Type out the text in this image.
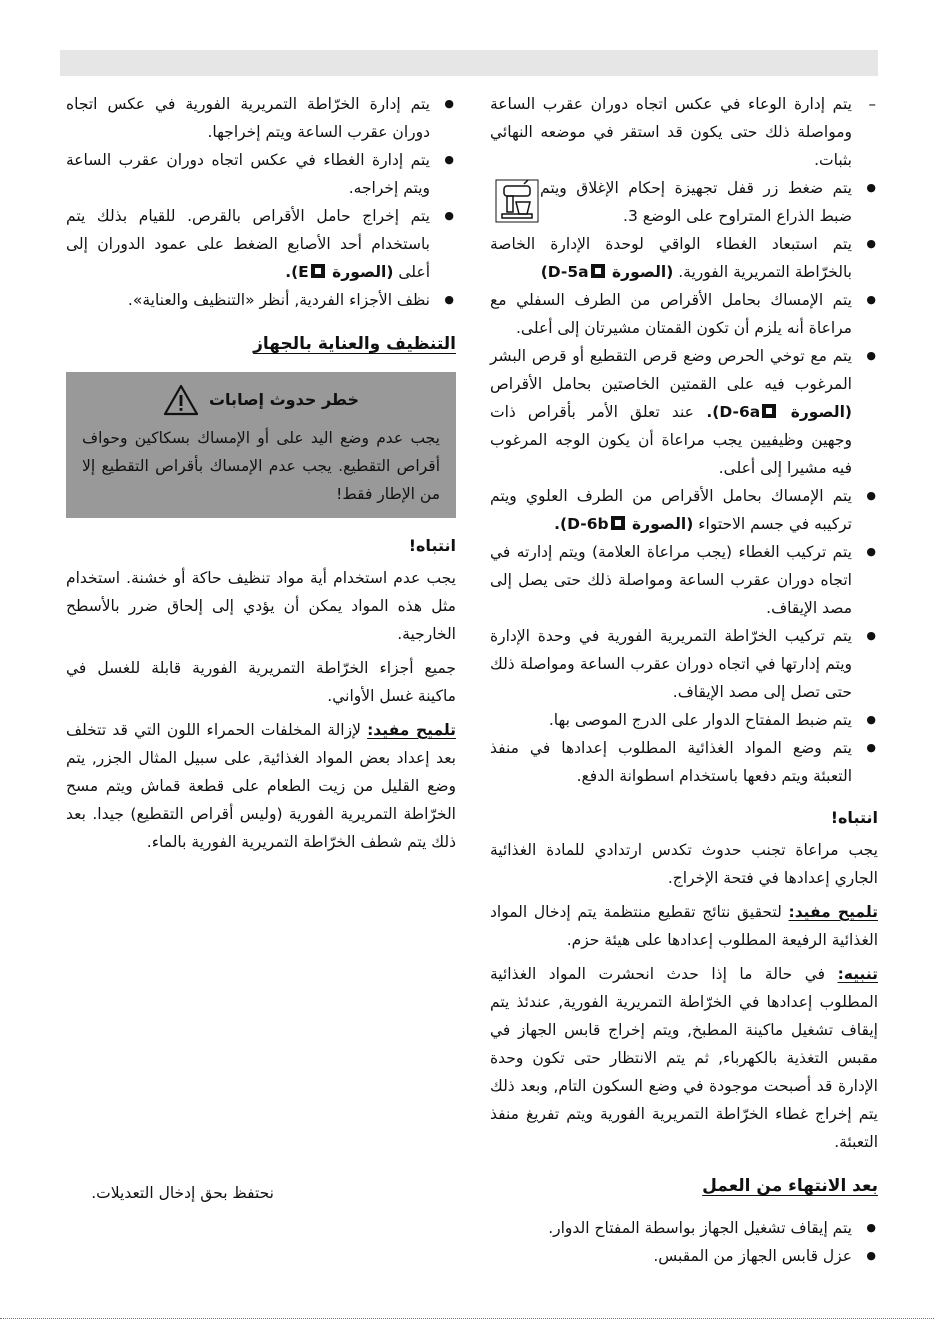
– يتم إدارة الوعاء في عكس اتجاه دوران عقرب الساعة ومواصلة ذلك حتى يكون قد استقر في موضعه النهائي بثبات.
● يتم ضغط زر قفل تجهيزة إحكام الإغلاق ويتم ضبط الذراع المتراوح على الوضع 3.
● يتم استبعاد الغطاء الواقي لوحدة الإدارة الخاصة بالخرّاطة التمريرية الفورية. (الصورة D-5a)
● يتم الإمساك بحامل الأقراص من الطرف السفلي مع مراعاة أنه يلزم أن تكون القمتان مشيرتان إلى أعلى.
● يتم مع توخي الحرص وضع قرص التقطيع أو قرص البشر المرغوب فيه على القمتين الخاصتين بحامل الأقراص (الصورة D-6a). عند تعلق الأمر بأقراص ذات وجهين وظيفيين يجب مراعاة أن يكون الوجه المرغوب فيه مشيرا إلى أعلى.
● يتم الإمساك بحامل الأقراص من الطرف العلوي ويتم تركيبه في جسم الاحتواء (الصورة D-6b).
● يتم تركيب الغطاء (يجب مراعاة العلامة) ويتم إدارته في اتجاه دوران عقرب الساعة ومواصلة ذلك حتى يصل إلى مصد الإيقاف.
● يتم تركيب الخرّاطة التمريرية الفورية في وحدة الإدارة ويتم إدارتها في اتجاه دوران عقرب الساعة ومواصلة ذلك حتى تصل إلى مصد الإيقاف.
● يتم ضبط المفتاح الدوار على الدرج الموصى بها.
● يتم وضع المواد الغذائية المطلوب إعدادها في منفذ التعبئة ويتم دفعها باستخدام اسطوانة الدفع.
انتباه!

يجب مراعاة تجنب حدوث تكدس ارتدادي للمادة الغذائية الجاري إعدادها في فتحة الإخراج.

تلميح مفيد: لتحقيق نتائج تقطيع منتظمة يتم إدخال المواد الغذائية الرفيعة المطلوب إعدادها على هيئة حزم.

تنبيه: في حالة ما إذا حدث انحشرت المواد الغذائية المطلوب إعدادها في الخرّاطة التمريرية الفورية, عندئذ يتم إيقاف تشغيل ماكينة المطبخ, ويتم إخراج قابس الجهاز في مقبس التغذية بالكهرباء, ثم يتم الانتظار حتى تكون وحدة الإدارة قد أصبحت موجودة في وضع السكون التام, وبعد ذلك يتم إخراج غطاء الخرّاطة التمريرية الفورية ويتم تفريغ منفذ التعبئة.

بعد الانتهاء من العمل
● يتم إيقاف تشغيل الجهاز بواسطة المفتاح الدوار.
● عزل قابس الجهاز من المقبس.
● يتم إدارة الخرّاطة التمريرية الفورية في عكس اتجاه دوران عقرب الساعة ويتم إخراجها.
● يتم إدارة الغطاء في عكس اتجاه دوران عقرب الساعة ويتم إخراجه.
● يتم إخراج حامل الأقراص بالقرص. للقيام بذلك يتم باستخدام أحد الأصابع الضغط على عمود الدوران إلى أعلى (الصورة E).
● نظف الأجزاء الفردية, أنظر «التنظيف والعناية».
التنظيف والعناية بالجهاز
خطر حدوث إصابات
يجب عدم وضع اليد على أو الإمساك بسكاكين وحواف أقراص التقطيع. يجب عدم الإمساك بأقراص التقطيع إلا من الإطار فقط!
انتباه!

يجب عدم استخدام أية مواد تنظيف حاكة أو خشنة. استخدام مثل هذه المواد يمكن أن يؤدي إلى إلحاق ضرر بالأسطح الخارجية.

جميع أجزاء الخرّاطة التمريرية الفورية قابلة للغسل في ماكينة غسل الأواني.

تلميح مفيد: لإزالة المخلفات الحمراء اللون التي قد تتخلف بعد إعداد بعض المواد الغذائية, على سبيل المثال الجزر, يتم وضع القليل من زيت الطعام على قطعة قماش ويتم مسح الخرّاطة التمريرية الفورية (وليس أقراص التقطيع) جيدا. بعد ذلك يتم شطف الخرّاطة التمريرية الفورية بالماء.

نحتفظ بحق إدخال التعديلات.
